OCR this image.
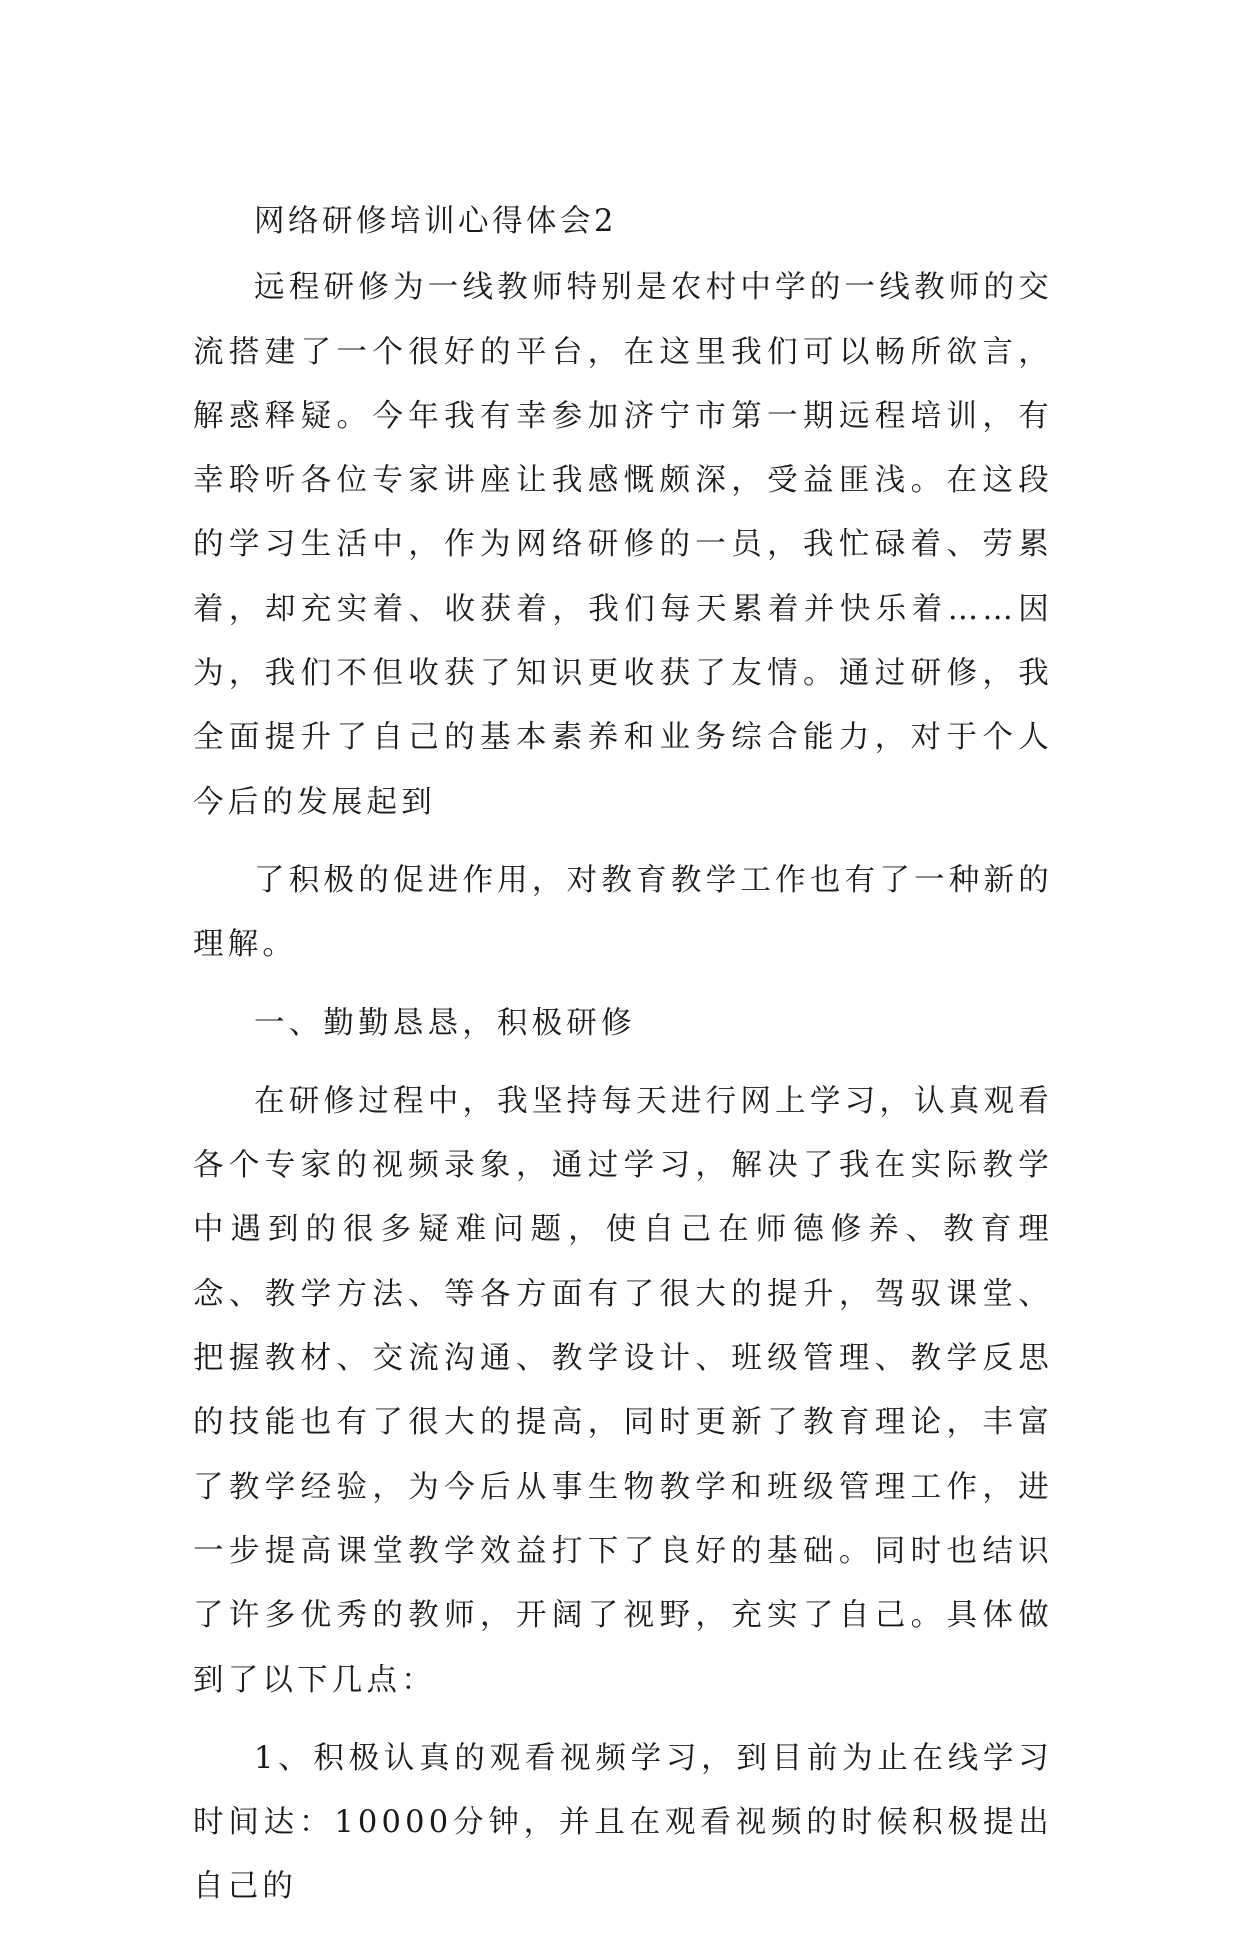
网络研修培训心得体会2

远程研修为一线教师特别是农村中学的一线教师的交流搭建了一个很好的平台，在这里我们可以畅所欲言，解惑释疑。今年我有幸参加济宁市第一期远程培训，有幸聆听各位专家讲座让我感慨颇深，受益匪浅。在这段的学习生活中，作为网络研修的一员，我忙碌着、劳累着，却充实着、收获着，我们每天累着并快乐着……因为，我们不但收获了知识更收获了友情。通过研修，我全面提升了自己的基本素养和业务综合能力，对于个人今后的发展起到

了积极的促进作用，对教育教学工作也有了一种新的理解。

一、勤勤恳恳，积极研修

在研修过程中，我坚持每天进行网上学习，认真观看各个专家的视频录象，通过学习，解决了我在实际教学中遇到的很多疑难问题，使自己在师德修养、教育理念、教学方法、等各方面有了很大的提升，驾驭课堂、把握教材、交流沟通、教学设计、班级管理、教学反思的技能也有了很大的提高，同时更新了教育理论，丰富了教学经验，为今后从事生物教学和班级管理工作，进一步提高课堂教学效益打下了良好的基础。同时也结识了许多优秀的教师，开阔了视野，充实了自己。具体做到了以下几点：

1、积极认真的观看视频学习，到目前为止在线学习时间达：10000分钟，并且在观看视频的时候积极提出自己的
